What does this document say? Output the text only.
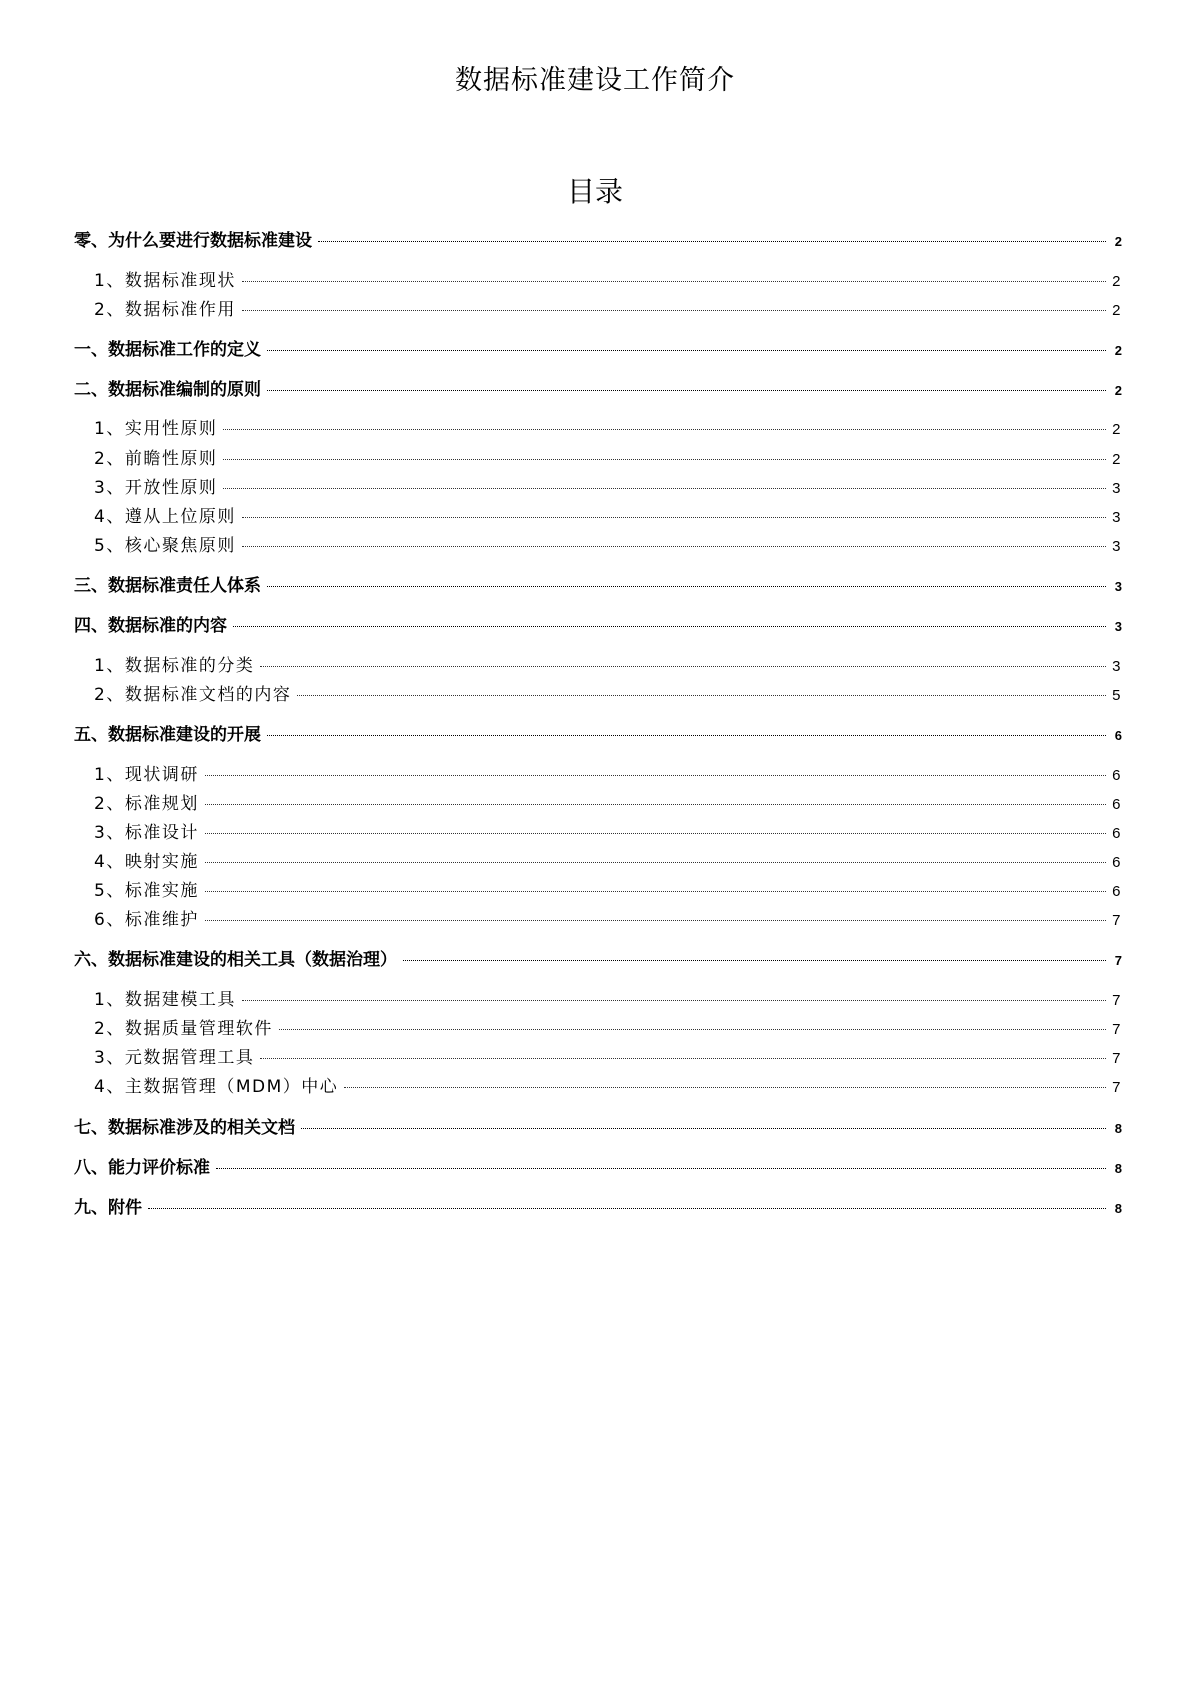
数据标准建设工作简介
目录
零、为什么要进行数据标准建设	2
1、数据标准现状	2
2、数据标准作用	2
一、数据标准工作的定义	2
二、数据标准编制的原则	2
1、实用性原则	2
2、前瞻性原则	2
3、开放性原则	3
4、遵从上位原则	3
5、核心聚焦原则	3
三、数据标准责任人体系	3
四、数据标准的内容	3
1、数据标准的分类	3
2、数据标准文档的内容	5
五、数据标准建设的开展	6
1、现状调研	6
2、标准规划	6
3、标准设计	6
4、映射实施	6
5、标准实施	6
6、标准维护	7
六、数据标准建设的相关工具（数据治理）	7
1、数据建模工具	7
2、数据质量管理软件	7
3、元数据管理工具	7
4、主数据管理（MDM）中心	7
七、数据标准涉及的相关文档	8
八、能力评价标准	8
九、附件	8
